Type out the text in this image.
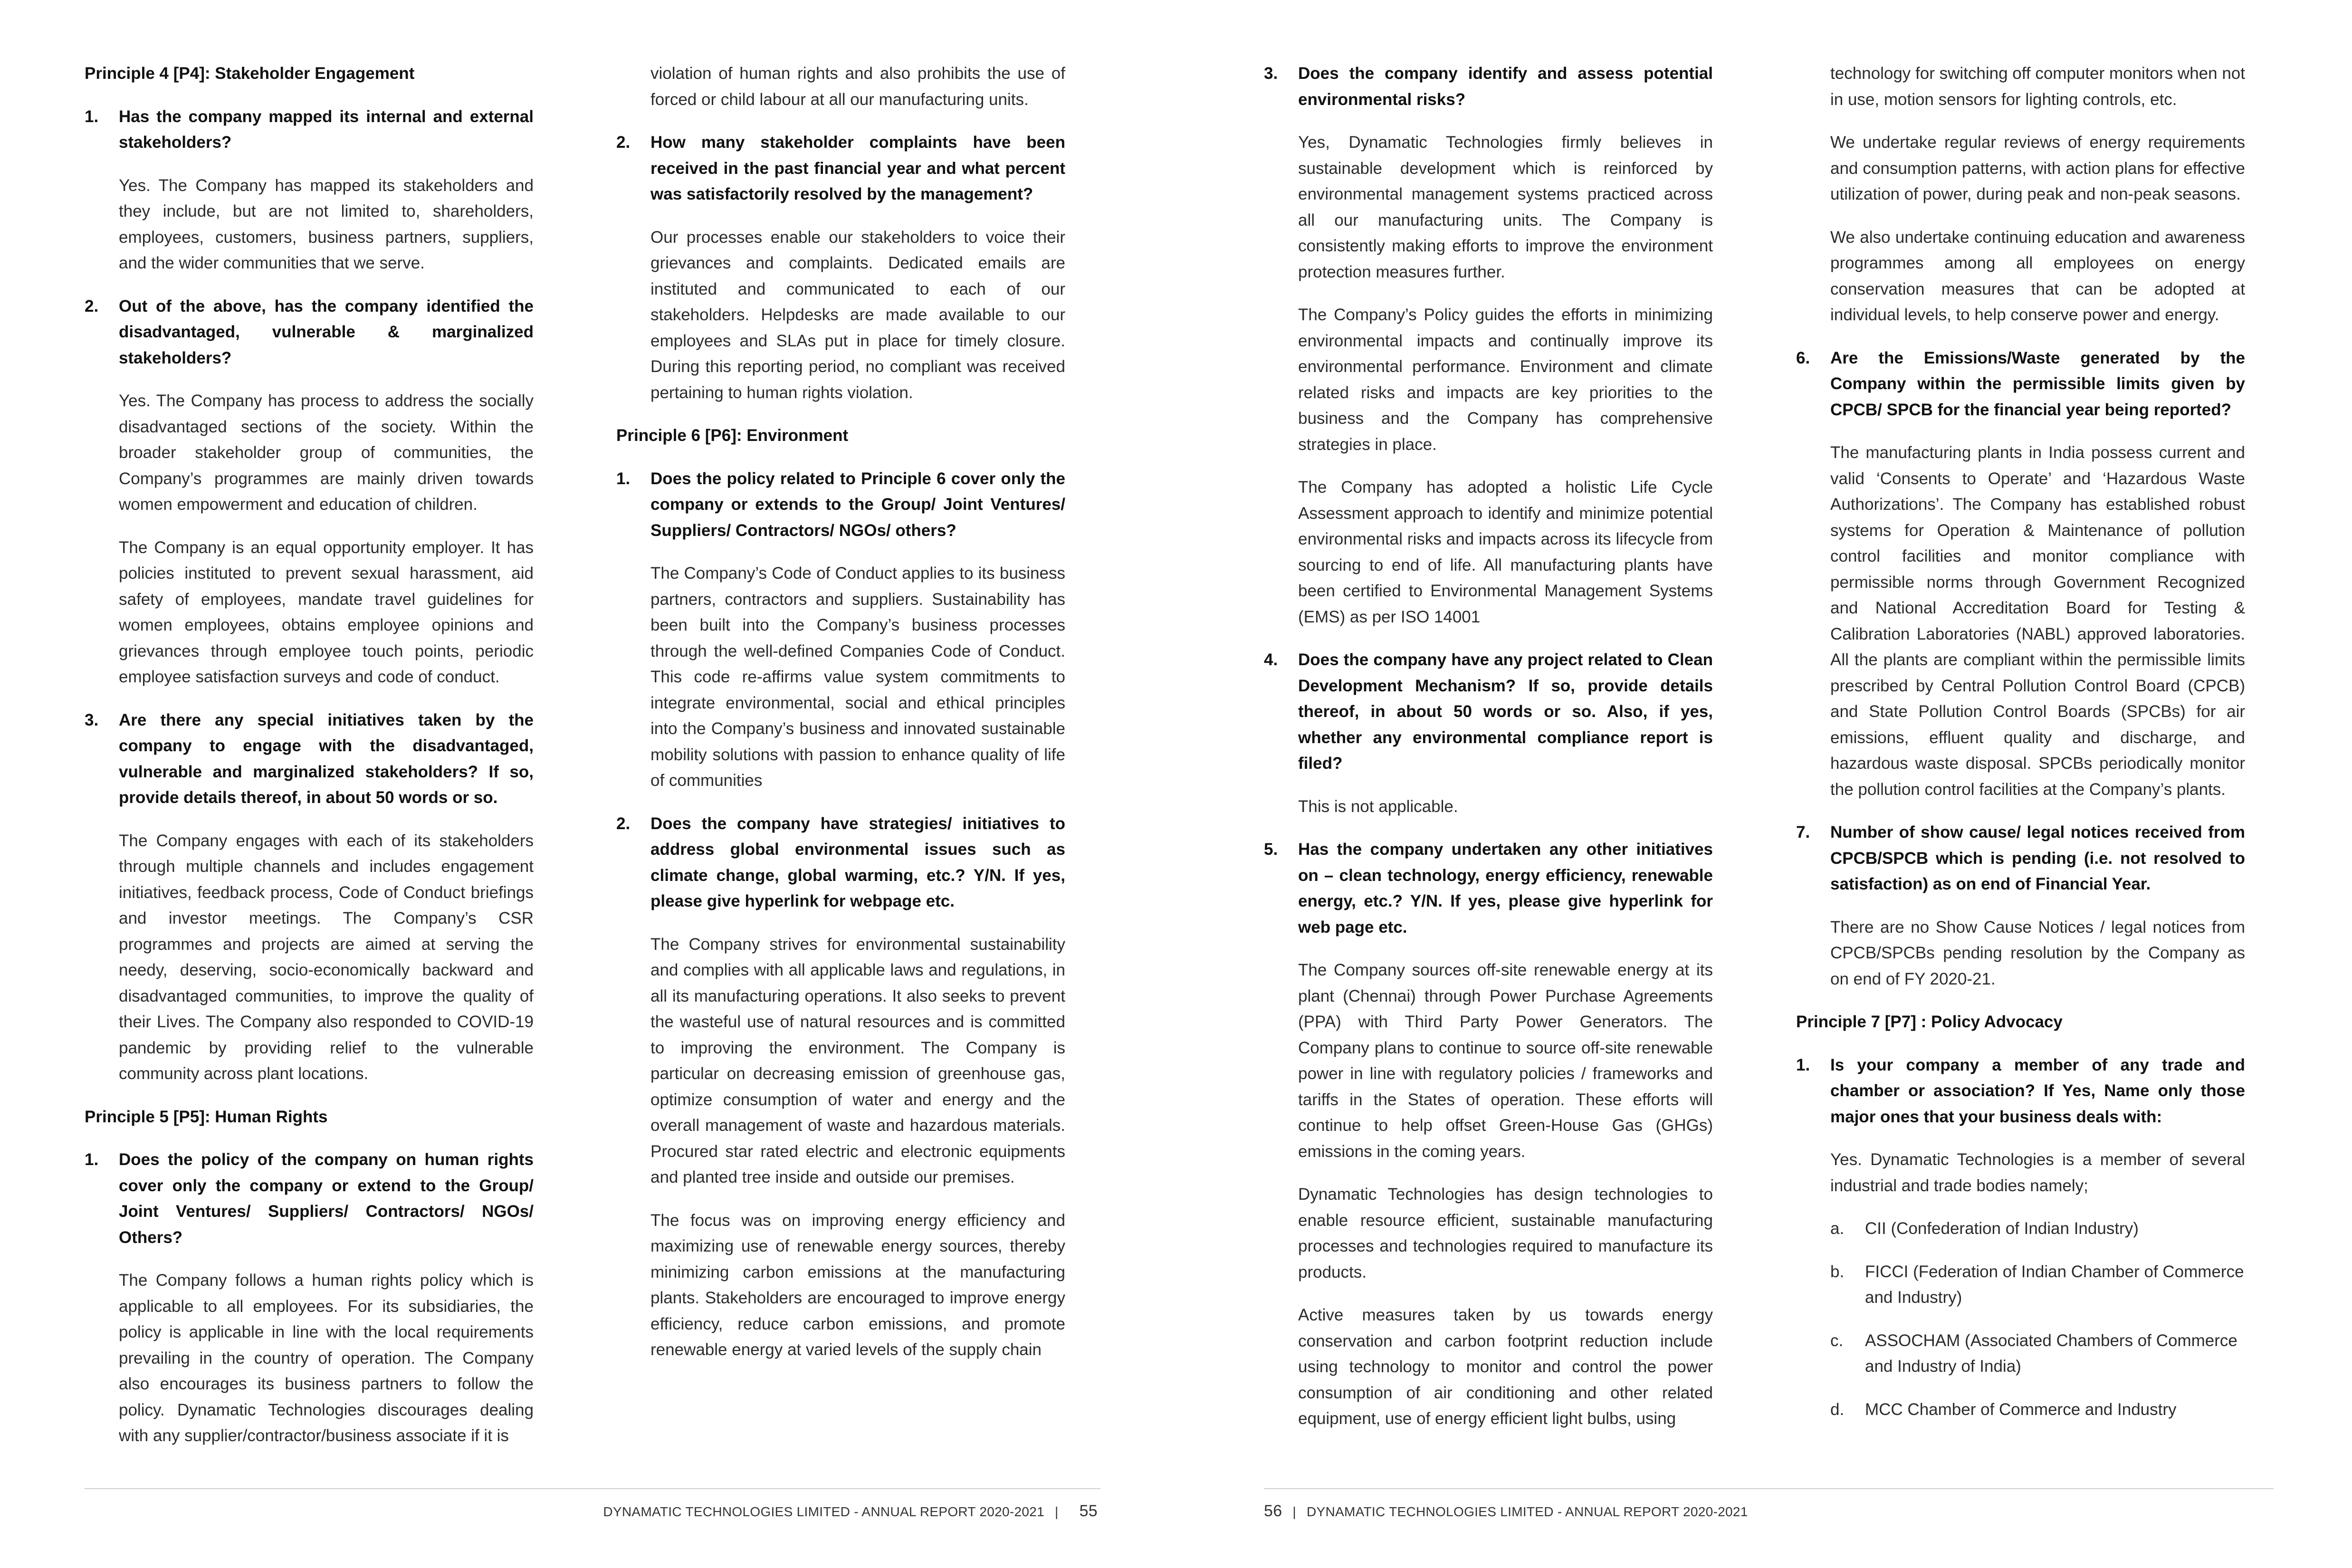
Principle 4 [P4]: Stakeholder Engagement
1. Has the company mapped its internal and external stakeholders?
Yes. The Company has mapped its stakeholders and they include, but are not limited to, shareholders, employees, customers, business partners, suppliers, and the wider communities that we serve.
2. Out of the above, has the company identified the disadvantaged, vulnerable & marginalized stakeholders?
Yes. The Company has process to address the socially disadvantaged sections of the society. Within the broader stakeholder group of communities, the Company’s programmes are mainly driven towards women empowerment and education of children.
The Company is an equal opportunity employer. It has policies instituted to prevent sexual harassment, aid safety of employees, mandate travel guidelines for women employees, obtains employee opinions and grievances through employee touch points, periodic employee satisfaction surveys and code of conduct.
3. Are there any special initiatives taken by the company to engage with the disadvantaged, vulnerable and marginalized stakeholders? If so, provide details thereof, in about 50 words or so.
The Company engages with each of its stakeholders through multiple channels and includes engagement initiatives, feedback process, Code of Conduct briefings and investor meetings. The Company’s CSR programmes and projects are aimed at serving the needy, deserving, socio-economically backward and disadvantaged communities, to improve the quality of their Lives. The Company also responded to COVID-19 pandemic by providing relief to the vulnerable community across plant locations.
Principle 5 [P5]: Human Rights
1. Does the policy of the company on human rights cover only the company or extend to the Group/ Joint Ventures/ Suppliers/ Contractors/ NGOs/ Others?
The Company follows a human rights policy which is applicable to all employees. For its subsidiaries, the policy is applicable in line with the local requirements prevailing in the country of operation. The Company also encourages its business partners to follow the policy. Dynamatic Technologies discourages dealing with any supplier/contractor/business associate if it is
violation of human rights and also prohibits the use of forced or child labour at all our manufacturing units.
2. How many stakeholder complaints have been received in the past financial year and what percent was satisfactorily resolved by the management?
Our processes enable our stakeholders to voice their grievances and complaints. Dedicated emails are instituted and communicated to each of our stakeholders. Helpdesks are made available to our employees and SLAs put in place for timely closure. During this reporting period, no compliant was received pertaining to human rights violation.
Principle 6 [P6]: Environment
1. Does the policy related to Principle 6 cover only the company or extends to the Group/ Joint Ventures/ Suppliers/ Contractors/ NGOs/ others?
The Company’s Code of Conduct applies to its business partners, contractors and suppliers. Sustainability has been built into the Company’s business processes through the well-defined Companies Code of Conduct. This code re-affirms value system commitments to integrate environmental, social and ethical principles into the Company’s business and innovated sustainable mobility solutions with passion to enhance quality of life of communities
2. Does the company have strategies/ initiatives to address global environmental issues such as climate change, global warming, etc.? Y/N. If yes, please give hyperlink for webpage etc.
The Company strives for environmental sustainability and complies with all applicable laws and regulations, in all its manufacturing operations. It also seeks to prevent the wasteful use of natural resources and is committed to improving the environment. The Company is particular on decreasing emission of greenhouse gas, optimize consumption of water and energy and the overall management of waste and hazardous materials. Procured star rated electric and electronic equipments and planted tree inside and outside our premises.
The focus was on improving energy efficiency and maximizing use of renewable energy sources, thereby minimizing carbon emissions at the manufacturing plants. Stakeholders are encouraged to improve energy efficiency, reduce carbon emissions, and promote renewable energy at varied levels of the supply chain
3. Does the company identify and assess potential environmental risks?
Yes, Dynamatic Technologies firmly believes in sustainable development which is reinforced by environmental management systems practiced across all our manufacturing units. The Company is consistently making efforts to improve the environment protection measures further.
The Company’s Policy guides the efforts in minimizing environmental impacts and continually improve its environmental performance. Environment and climate related risks and impacts are key priorities to the business and the Company has comprehensive strategies in place.
The Company has adopted a holistic Life Cycle Assessment approach to identify and minimize potential environmental risks and impacts across its lifecycle from sourcing to end of life. All manufacturing plants have been certified to Environmental Management Systems (EMS) as per ISO 14001
4. Does the company have any project related to Clean Development Mechanism? If so, provide details thereof, in about 50 words or so. Also, if yes, whether any environmental compliance report is filed?
This is not applicable.
5. Has the company undertaken any other initiatives on – clean technology, energy efficiency, renewable energy, etc.? Y/N. If yes, please give hyperlink for web page etc.
The Company sources off-site renewable energy at its plant (Chennai) through Power Purchase Agreements (PPA) with Third Party Power Generators. The Company plans to continue to source off-site renewable power in line with regulatory policies / frameworks and tariffs in the States of operation. These efforts will continue to help offset Green-House Gas (GHGs) emissions in the coming years.
Dynamatic Technologies has design technologies to enable resource efficient, sustainable manufacturing processes and technologies required to manufacture its products.
Active measures taken by us towards energy conservation and carbon footprint reduction include using technology to monitor and control the power consumption of air conditioning and other related equipment, use of energy efficient light bulbs, using
technology for switching off computer monitors when not in use, motion sensors for lighting controls, etc.
We undertake regular reviews of energy requirements and consumption patterns, with action plans for effective utilization of power, during peak and non-peak seasons.
We also undertake continuing education and awareness programmes among all employees on energy conservation measures that can be adopted at individual levels, to help conserve power and energy.
6. Are the Emissions/Waste generated by the Company within the permissible limits given by CPCB/ SPCB for the financial year being reported?
The manufacturing plants in India possess current and valid ‘Consents to Operate’ and ‘Hazardous Waste Authorizations’. The Company has established robust systems for Operation & Maintenance of pollution control facilities and monitor compliance with permissible norms through Government Recognized and National Accreditation Board for Testing & Calibration Laboratories (NABL) approved laboratories. All the plants are compliant within the permissible limits prescribed by Central Pollution Control Board (CPCB) and State Pollution Control Boards (SPCBs) for air emissions, effluent quality and discharge, and hazardous waste disposal. SPCBs periodically monitor the pollution control facilities at the Company’s plants.
7. Number of show cause/ legal notices received from CPCB/SPCB which is pending (i.e. not resolved to satisfaction) as on end of Financial Year.
There are no Show Cause Notices / legal notices from CPCB/SPCBs pending resolution by the Company as on end of FY 2020-21.
Principle 7 [P7] : Policy Advocacy
1. Is your company a member of any trade and chamber or association? If Yes, Name only those major ones that your business deals with:
Yes. Dynamatic Technologies is a member of several industrial and trade bodies namely;
a. CII (Confederation of Indian Industry)
b. FICCI (Federation of Indian Chamber of Commerce and Industry)
c. ASSOCHAM (Associated Chambers of Commerce and Industry of India)
d. MCC Chamber of Commerce and Industry
DYNAMATIC TECHNOLOGIES LIMITED - ANNUAL REPORT 2020-2021 | 55	56 | DYNAMATIC TECHNOLOGIES LIMITED - ANNUAL REPORT 2020-2021
